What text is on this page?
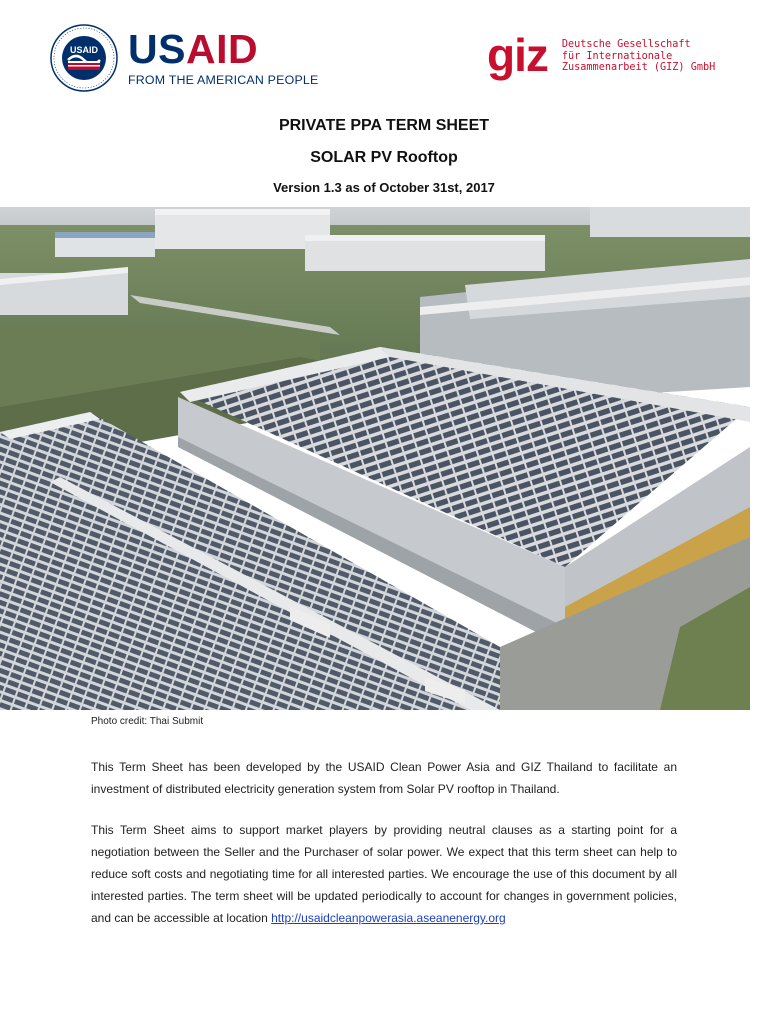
USAID USAID
FROM THE AMERICAN PEOPLE	giz Deutsche Gesellschaft
für Internationale
Zusammenarbeit (GIZ) GmbH
PRIVATE PPA TERM SHEET
SOLAR PV Rooftop
Version 1.3 as of October 31st, 2017
Photo credit: Thai Submit
This Term Sheet has been developed by the USAID Clean Power Asia and GIZ Thailand to facilitate an investment of distributed electricity generation system from Solar PV rooftop in Thailand.
This Term Sheet aims to support market players by providing neutral clauses as a starting point for a negotiation between the Seller and the Purchaser of solar power. We expect that this term sheet can help to reduce soft costs and negotiating time for all interested parties. We encourage the use of this document by all interested parties. The term sheet will be updated periodically to account for changes in government policies, and can be accessible at location http://usaidcleanpowerasia.aseanenergy.org
